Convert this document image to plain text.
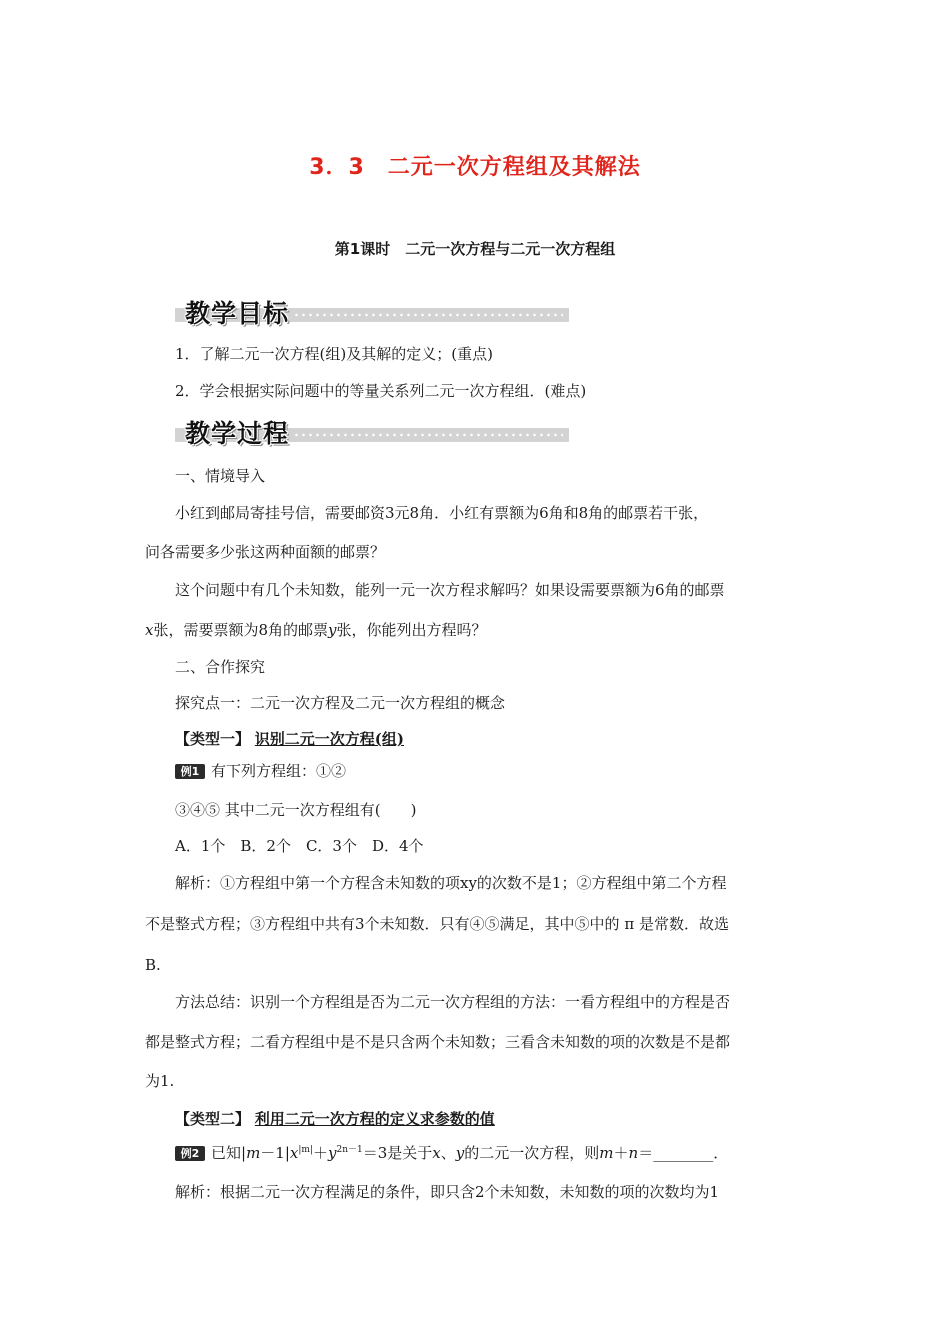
3．3　二元一次方程组及其解法
第1课时　二元一次方程与二元一次方程组
教学目标
1．了解二元一次方程(组)及其解的定义；(重点)
2．学会根据实际问题中的等量关系列二元一次方程组．(难点)
教学过程
一、情境导入
小红到邮局寄挂号信，需要邮资3元8角．小红有票额为6角和8角的邮票若干张，
问各需要多少张这两种面额的邮票？
这个问题中有几个未知数，能列一元一次方程求解吗？如果设需要票额为6角的邮票
x张，需要票额为8角的邮票y张，你能列出方程吗？
二、合作探究
探究点一：二元一次方程及二元一次方程组的概念
【类型一】 识别二元一次方程(组)
例1 有下列方程组：①②
③④⑤ 其中二元一次方程组有(　　)
A．1个　B．2个　C．3个　D．4个
解析：①方程组中第一个方程含未知数的项xy的次数不是1；②方程组中第二个方程
不是整式方程；③方程组中共有3个未知数．只有④⑤满足，其中⑤中的 π 是常数．故选
B.
方法总结：识别一个方程组是否为二元一次方程组的方法：一看方程组中的方程是否
都是整式方程；二看方程组中是不是只含两个未知数；三看含未知数的项的次数是不是都
为1.
【类型二】 利用二元一次方程的定义求参数的值
例2 已知$|m-1|x^{|m|}+y^{2n-1}=3$是关于x、y的二元一次方程，则m＋n＝________．
解析：根据二元一次方程满足的条件，即只含2个未知数，未知数的项的次数均为1
